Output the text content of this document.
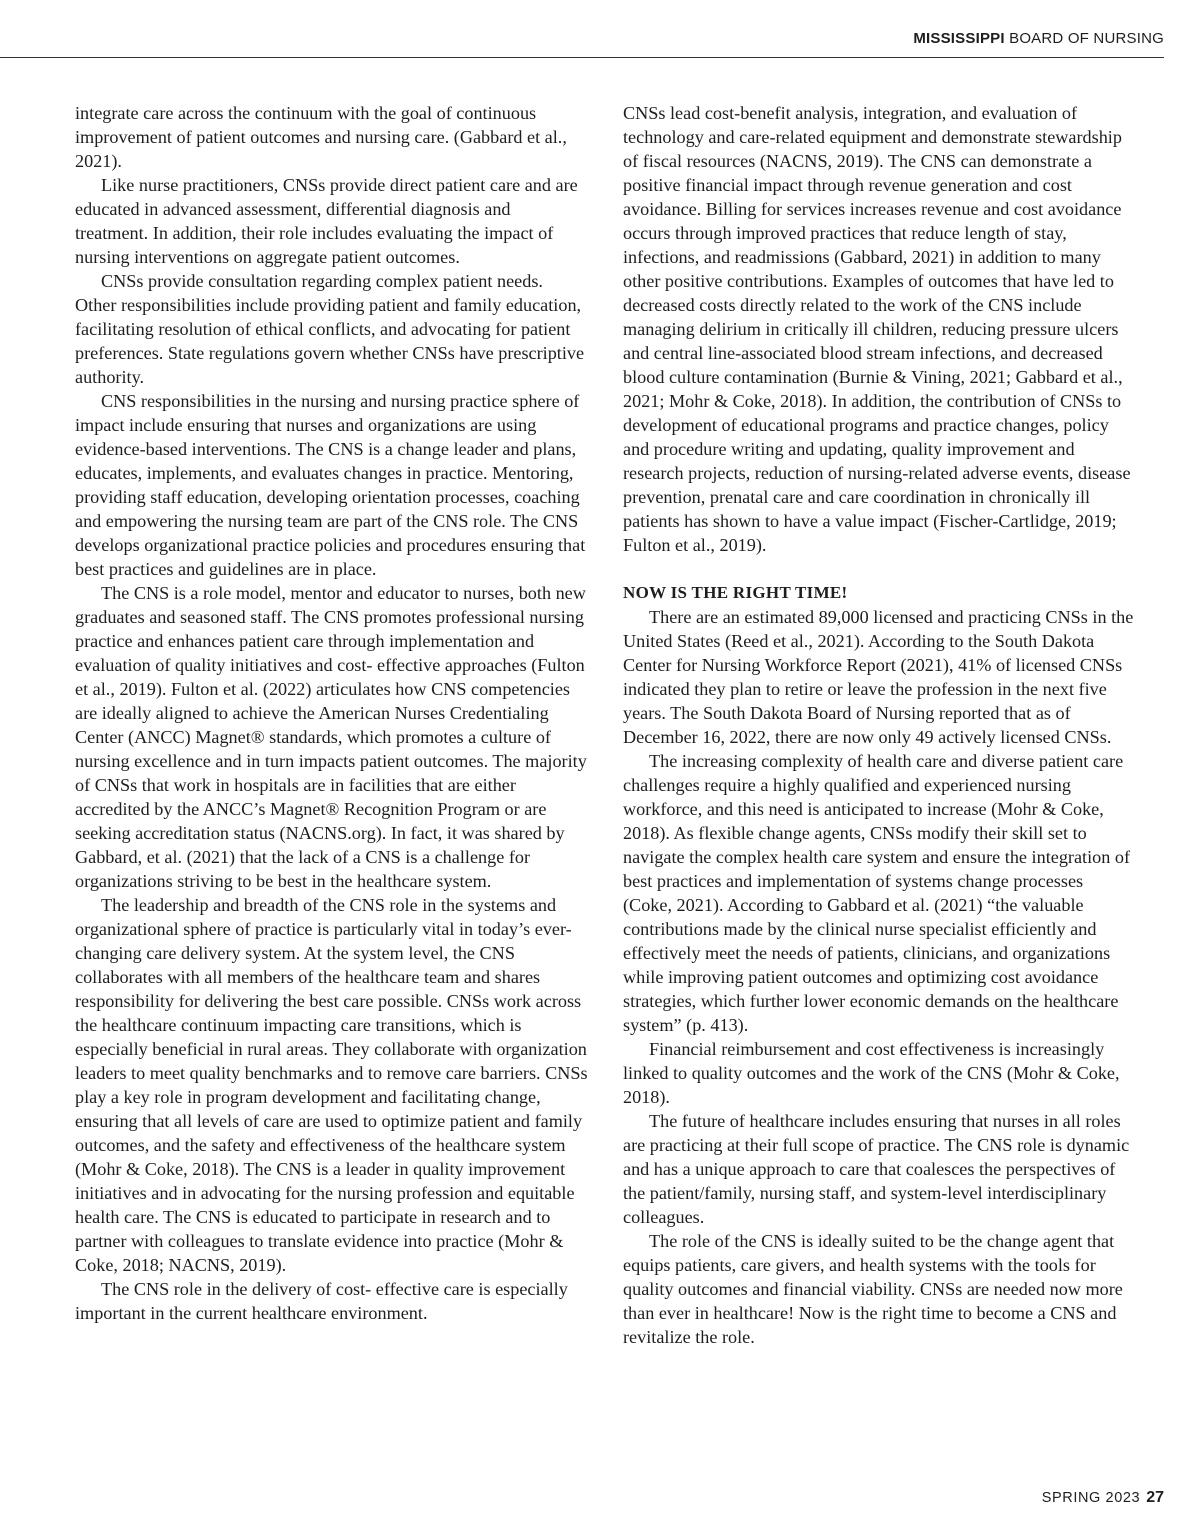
MISSISSIPPI BOARD OF NURSING

integrate care across the continuum with the goal of continuous improvement of patient outcomes and nursing care. (Gabbard et al., 2021).

Like nurse practitioners, CNSs provide direct patient care and are educated in advanced assessment, differential diagnosis and treatment. In addition, their role includes evaluating the impact of nursing interventions on aggregate patient outcomes.

CNSs provide consultation regarding complex patient needs. Other responsibilities include providing patient and family education, facilitating resolution of ethical conflicts, and advocating for patient preferences. State regulations govern whether CNSs have prescriptive authority.

CNS responsibilities in the nursing and nursing practice sphere of impact include ensuring that nurses and organizations are using evidence-based interventions. The CNS is a change leader and plans, educates, implements, and evaluates changes in practice. Mentoring, providing staff education, developing orientation processes, coaching and empowering the nursing team are part of the CNS role. The CNS develops organizational practice policies and procedures ensuring that best practices and guidelines are in place.

The CNS is a role model, mentor and educator to nurses, both new graduates and seasoned staff. The CNS promotes professional nursing practice and enhances patient care through implementation and evaluation of quality initiatives and cost- effective approaches (Fulton et al., 2019). Fulton et al. (2022) articulates how CNS competencies are ideally aligned to achieve the American Nurses Credentialing Center (ANCC) Magnet® standards, which promotes a culture of nursing excellence and in turn impacts patient outcomes. The majority of CNSs that work in hospitals are in facilities that are either accredited by the ANCC’s Magnet® Recognition Program or are seeking accreditation status (NACNS.org). In fact, it was shared by Gabbard, et al. (2021) that the lack of a CNS is a challenge for organizations striving to be best in the healthcare system.

The leadership and breadth of the CNS role in the systems and organizational sphere of practice is particularly vital in today’s ever- changing care delivery system. At the system level, the CNS collaborates with all members of the healthcare team and shares responsibility for delivering the best care possible. CNSs work across the healthcare continuum impacting care transitions, which is especially beneficial in rural areas. They collaborate with organization leaders to meet quality benchmarks and to remove care barriers. CNSs play a key role in program development and facilitating change, ensuring that all levels of care are used to optimize patient and family outcomes, and the safety and effectiveness of the healthcare system (Mohr & Coke, 2018). The CNS is a leader in quality improvement initiatives and in advocating for the nursing profession and equitable health care. The CNS is educated to participate in research and to partner with colleagues to translate evidence into practice (Mohr & Coke, 2018; NACNS, 2019).

The CNS role in the delivery of cost- effective care is especially important in the current healthcare environment.

CNSs lead cost-benefit analysis, integration, and evaluation of technology and care-related equipment and demonstrate stewardship of fiscal resources (NACNS, 2019). The CNS can demonstrate a positive financial impact through revenue generation and cost avoidance. Billing for services increases revenue and cost avoidance occurs through improved practices that reduce length of stay, infections, and readmissions (Gabbard, 2021) in addition to many other positive contributions. Examples of outcomes that have led to decreased costs directly related to the work of the CNS include managing delirium in critically ill children, reducing pressure ulcers and central line-associated blood stream infections, and decreased blood culture contamination (Burnie & Vining, 2021; Gabbard et al., 2021; Mohr & Coke, 2018). In addition, the contribution of CNSs to development of educational programs and practice changes, policy and procedure writing and updating, quality improvement and research projects, reduction of nursing-related adverse events, disease prevention, prenatal care and care coordination in chronically ill patients has shown to have a value impact (Fischer-Cartlidge, 2019; Fulton et al., 2019).

NOW IS THE RIGHT TIME!

There are an estimated 89,000 licensed and practicing CNSs in the United States (Reed et al., 2021). According to the South Dakota Center for Nursing Workforce Report (2021), 41% of licensed CNSs indicated they plan to retire or leave the profession in the next five years. The South Dakota Board of Nursing reported that as of December 16, 2022, there are now only 49 actively licensed CNSs.

The increasing complexity of health care and diverse patient care challenges require a highly qualified and experienced nursing workforce, and this need is anticipated to increase (Mohr & Coke, 2018). As flexible change agents, CNSs modify their skill set to navigate the complex health care system and ensure the integration of best practices and implementation of systems change processes (Coke, 2021). According to Gabbard et al. (2021) “the valuable contributions made by the clinical nurse specialist efficiently and effectively meet the needs of patients, clinicians, and organizations while improving patient outcomes and optimizing cost avoidance strategies, which further lower economic demands on the healthcare system” (p. 413).

Financial reimbursement and cost effectiveness is increasingly linked to quality outcomes and the work of the CNS (Mohr & Coke, 2018).

The future of healthcare includes ensuring that nurses in all roles are practicing at their full scope of practice. The CNS role is dynamic and has a unique approach to care that coalesces the perspectives of the patient/family, nursing staff, and system-level interdisciplinary colleagues.

The role of the CNS is ideally suited to be the change agent that equips patients, care givers, and health systems with the tools for quality outcomes and financial viability. CNSs are needed now more than ever in healthcare! Now is the right time to become a CNS and revitalize the role.

SPRING 2023 27
